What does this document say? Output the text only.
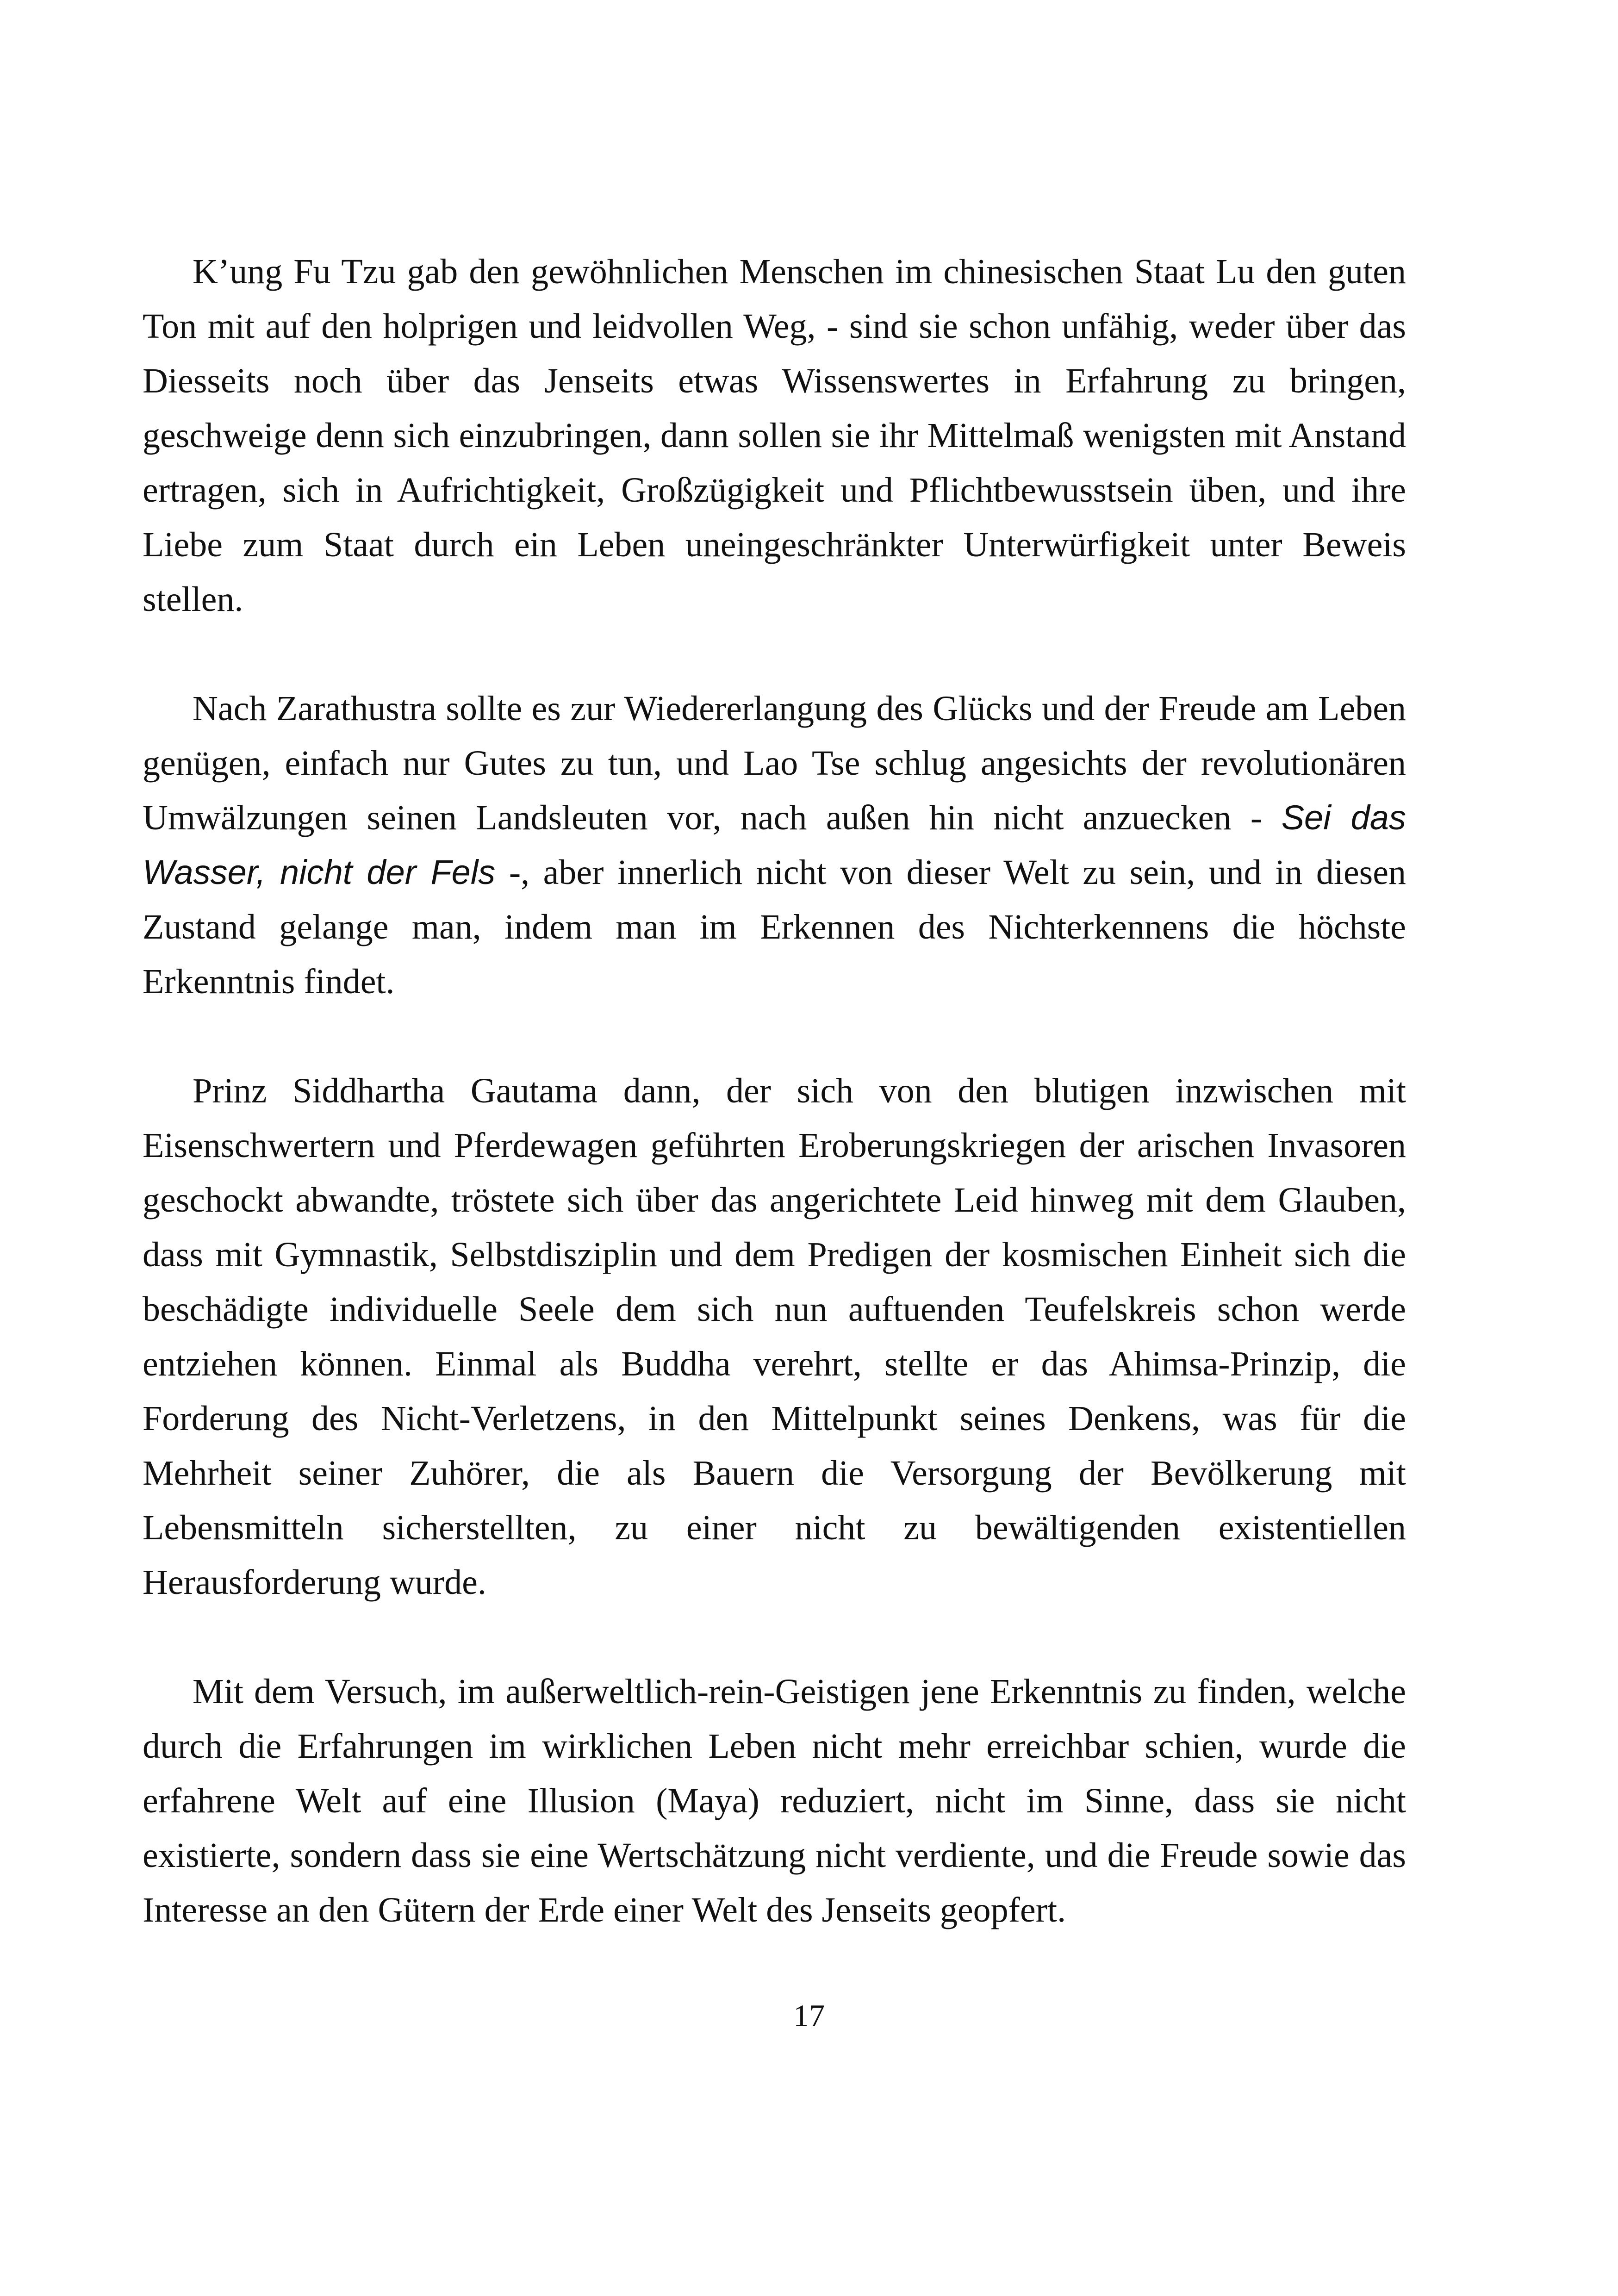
K’ung Fu Tzu gab den gewöhnlichen Menschen im chinesischen Staat Lu den guten Ton mit auf den holprigen und leidvollen Weg, - sind sie schon unfähig, weder über das Diesseits noch über das Jenseits etwas Wissenswertes in Erfahrung zu bringen, geschweige denn sich einzubringen, dann sollen sie ihr Mittelmaß wenigsten mit Anstand ertragen, sich in Aufrichtigkeit, Großzügigkeit und Pflichtbewusstsein üben, und ihre Liebe zum Staat durch ein Leben uneingeschränkter Unterwürfigkeit unter Beweis stellen.

Nach Zarathustra sollte es zur Wiedererlangung des Glücks und der Freude am Leben genügen, einfach nur Gutes zu tun, und Lao Tse schlug angesichts der revolutionären Umwälzungen seinen Landsleuten vor, nach außen hin nicht anzuecken - Sei das Wasser, nicht der Fels -, aber innerlich nicht von dieser Welt zu sein, und in diesen Zustand gelange man, indem man im Erkennen des Nichterkennens die höchste Erkenntnis findet.

Prinz Siddhartha Gautama dann, der sich von den blutigen inzwischen mit Eisenschwertern und Pferdewagen geführten Eroberungskriegen der arischen Invasoren geschockt abwandte, tröstete sich über das angerichtete Leid hinweg mit dem Glauben, dass mit Gymnastik, Selbstdisziplin und dem Predigen der kosmischen Einheit sich die beschädigte individuelle Seele dem sich nun auftuenden Teufelskreis schon werde entziehen können. Einmal als Buddha verehrt, stellte er das Ahimsa-Prinzip, die Forderung des Nicht-Verletzens, in den Mittelpunkt seines Denkens, was für die Mehrheit seiner Zuhörer, die als Bauern die Versorgung der Bevölkerung mit Lebensmitteln sicherstellten, zu einer nicht zu bewältigenden existentiellen Herausforderung wurde.

Mit dem Versuch, im außerweltlich-rein-Geistigen jene Erkenntnis zu finden, welche durch die Erfahrungen im wirklichen Leben nicht mehr erreichbar schien, wurde die erfahrene Welt auf eine Illusion (Maya) reduziert, nicht im Sinne, dass sie nicht existierte, sondern dass sie eine Wertschätzung nicht verdiente, und die Freude sowie das Interesse an den Gütern der Erde einer Welt des Jenseits geopfert.

17
